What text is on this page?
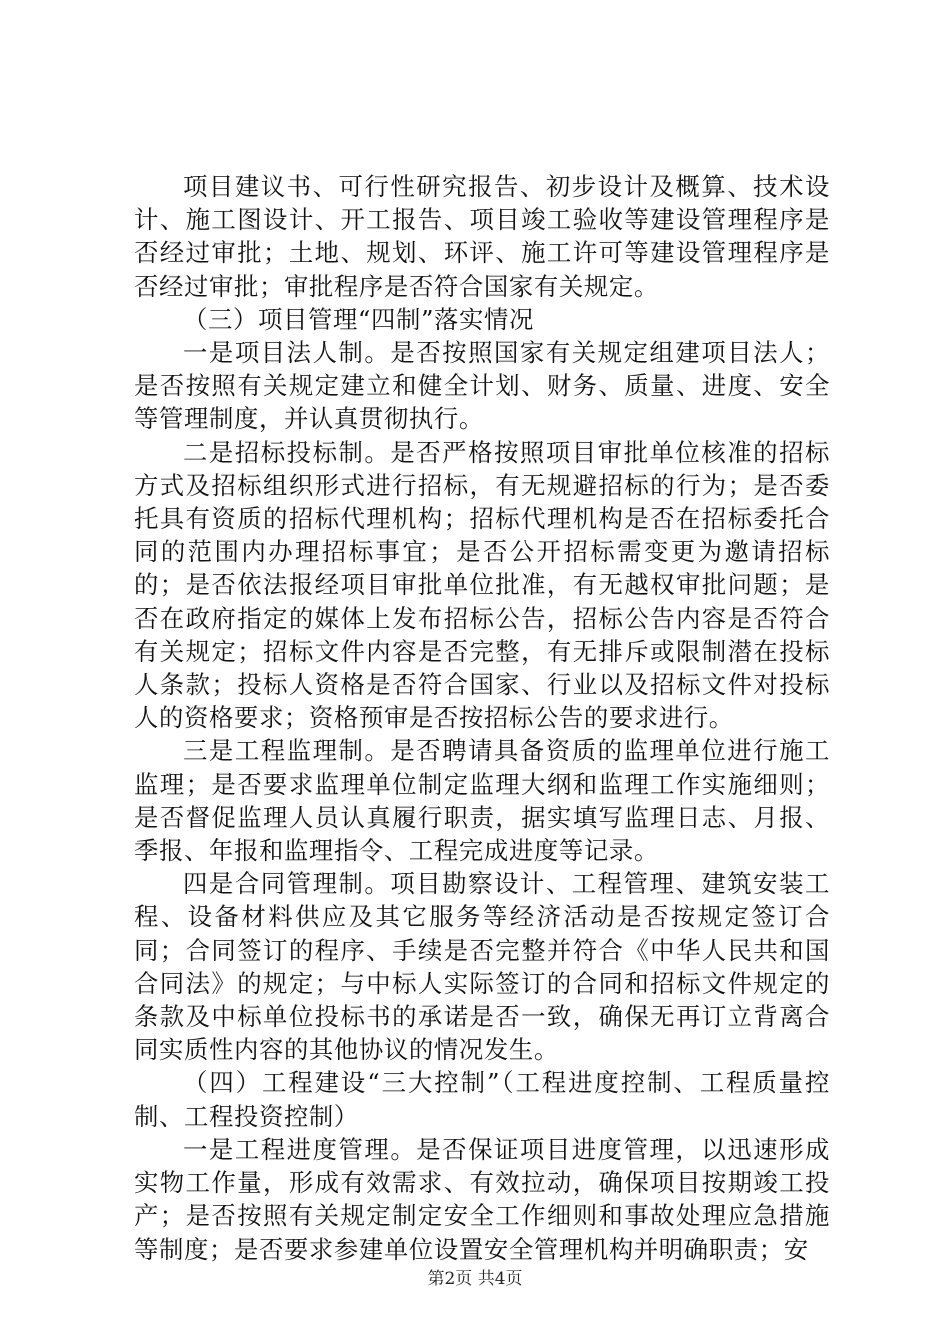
项目建议书、可行性研究报告、初步设计及概算、技术设计、施工图设计、开工报告、项目竣工验收等建设管理程序是否经过审批；土地、规划、环评、施工许可等建设管理程序是否经过审批；审批程序是否符合国家有关规定。

（三）项目管理“四制”落实情况

一是项目法人制。是否按照国家有关规定组建项目法人；是否按照有关规定建立和健全计划、财务、质量、进度、安全等管理制度，并认真贯彻执行。

二是招标投标制。是否严格按照项目审批单位核准的招标方式及招标组织形式进行招标，有无规避招标的行为；是否委托具有资质的招标代理机构；招标代理机构是否在招标委托合同的范围内办理招标事宜；是否公开招标需变更为邀请招标的；是否依法报经项目审批单位批准，有无越权审批问题；是否在政府指定的媒体上发布招标公告，招标公告内容是否符合有关规定；招标文件内容是否完整，有无排斥或限制潜在投标人条款；投标人资格是否符合国家、行业以及招标文件对投标人的资格要求；资格预审是否按招标公告的要求进行。

三是工程监理制。是否聘请具备资质的监理单位进行施工监理；是否要求监理单位制定监理大纲和监理工作实施细则；是否督促监理人员认真履行职责，据实填写监理日志、月报、季报、年报和监理指令、工程完成进度等记录。

四是合同管理制。项目勘察设计、工程管理、建筑安装工程、设备材料供应及其它服务等经济活动是否按规定签订合同；合同签订的程序、手续是否完整并符合《中华人民共和国合同法》的规定；与中标人实际签订的合同和招标文件规定的条款及中标单位投标书的承诺是否一致，确保无再订立背离合同实质性内容的其他协议的情况发生。

（四）工程建设“三大控制”（工程进度控制、工程质量控制、工程投资控制）

一是工程进度管理。是否保证项目进度管理，以迅速形成实物工作量，形成有效需求、有效拉动，确保项目按期竣工投产；是否按照有关规定制定安全工作细则和事故处理应急措施等制度；是否要求参建单位设置安全管理机构并明确职责；安

第2页 共4页
